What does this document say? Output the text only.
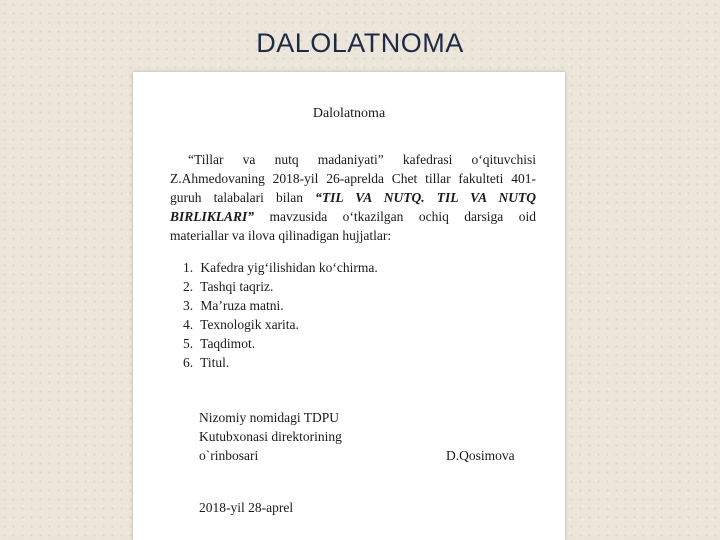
DALOLATNOMA
Dalolatnoma
“Tillar va nutq madaniyati” kafedrasi o‘qituvchisi
Z.Ahmedovaning 2018-yil 26-aprelda Chet tillar fakulteti 401-
guruh talabalari bilan “TIL VA NUTQ. TIL VA NUTQ
BIRLIKLARI” mavzusida o‘tkazilgan ochiq darsiga oid
materiallar va ilova qilinadigan hujjatlar:
1. Kafedra yig‘ilishidan ko‘chirma.
2. Tashqi taqriz.
3. Ma’ruza matni.
4. Texnologik xarita.
5. Taqdimot.
6. Titul.
Nizomiy nomidagi TDPU
Kutubxonasi direktorining
o`rinbosari	D.Qosimova
2018-yil 28-aprel
